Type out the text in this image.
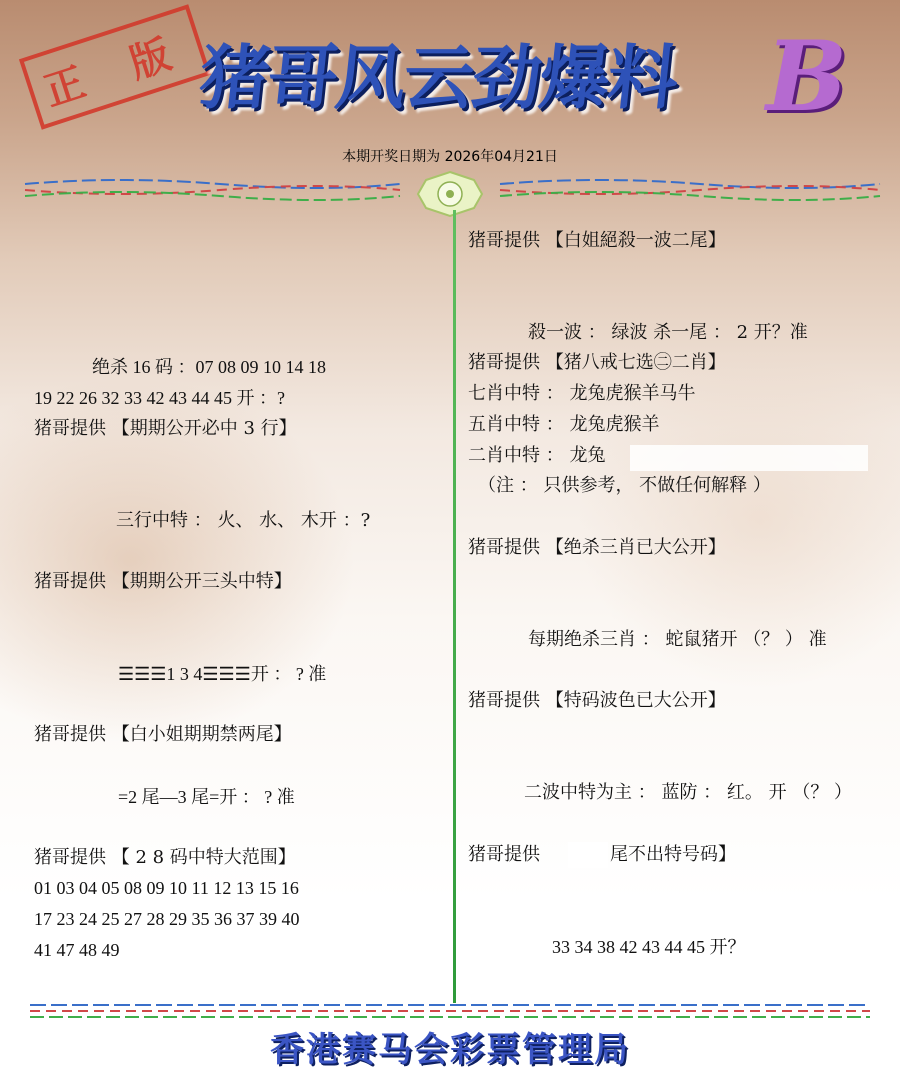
正 版 猪哥风云劲爆料 B
本期开奖日期为 2026年04月21日
绝杀 16 码 ：07 08 09 10 14 18
19 22 26 32 33 42 43 44 45 开 ：?
猪哥提供 【期期公开必中 3 行】
三行中特 ： 火、 水、 木开 ：?
猪哥提供 【期期公开三头中特】
☰☰☰1 3 4☰☰☰开 ： ? 准
猪哥提供 【白小姐期期禁两尾】
=2 尾—3 尾=开 ： ? 准
猪哥提供 【 2 8 码中特大范围】
01 03 04 05 08 09 10 11 12 13 15 16
17 23 24 25 27 28 29 35 36 37 39 40
41 47 48 49
猪哥提供 【白姐絕殺一波二尾】
殺一波 ： 绿波 杀一尾 ： 2 开？准
猪哥提供 【猪八戒七选㊁二肖】
七肖中特 ： 龙兔虎猴羊马牛
五肖中特 ： 龙兔虎猴羊
二肖中特 ： 龙兔
（注 ： 只供参考， 不做任何解释 ）
猪哥提供 【绝杀三肖已大公开】
每期绝杀三肖 ： 蛇鼠猪开 （？ ） 准
猪哥提供 【特码波色已大公开】
二波中特为主 ： 蓝防 ： 红。 开 （？ ）
猪哥提供	尾不出特号码】
33 34 38 42 43 44 45 开？
香港赛马会彩票管理局
